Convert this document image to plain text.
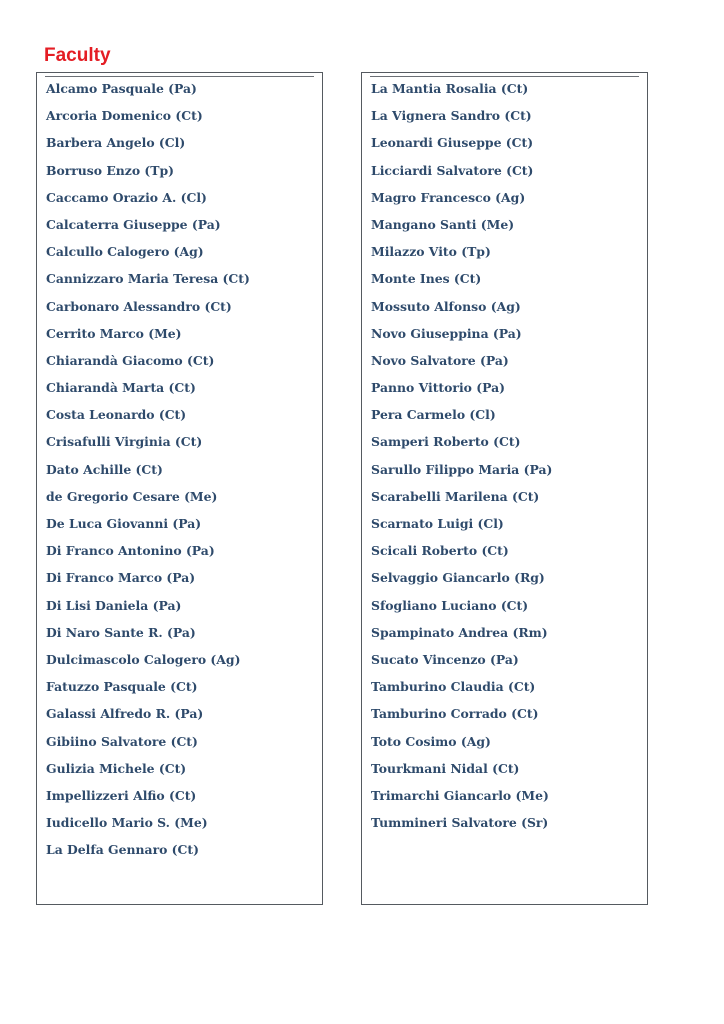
Faculty
Alcamo Pasquale (Pa)
Arcoria Domenico (Ct)
Barbera Angelo (Cl)
Borruso Enzo (Tp)
Caccamo Orazio A. (Cl)
Calcaterra Giuseppe (Pa)
Calcullo Calogero (Ag)
Cannizzaro Maria Teresa (Ct)
Carbonaro Alessandro (Ct)
Cerrito Marco (Me)
Chiarandà Giacomo (Ct)
Chiarandà Marta (Ct)
Costa Leonardo (Ct)
Crisafulli Virginia (Ct)
Dato Achille (Ct)
de Gregorio Cesare (Me)
De Luca Giovanni (Pa)
Di Franco Antonino (Pa)
Di Franco Marco (Pa)
Di Lisi Daniela (Pa)
Di Naro Sante R. (Pa)
Dulcimascolo Calogero (Ag)
Fatuzzo Pasquale (Ct)
Galassi Alfredo R. (Pa)
Gibiino Salvatore (Ct)
Gulizia Michele (Ct)
Impellizzeri Alfio (Ct)
Iudicello Mario S. (Me)
La Delfa Gennaro (Ct)
La Mantia Rosalia (Ct)
La Vignera Sandro (Ct)
Leonardi Giuseppe (Ct)
Licciardi Salvatore (Ct)
Magro Francesco (Ag)
Mangano Santi (Me)
Milazzo Vito (Tp)
Monte Ines (Ct)
Mossuto Alfonso (Ag)
Novo Giuseppina (Pa)
Novo Salvatore (Pa)
Panno Vittorio (Pa)
Pera Carmelo (Cl)
Samperi Roberto (Ct)
Sarullo Filippo Maria (Pa)
Scarabelli Marilena (Ct)
Scarnato Luigi (Cl)
Scicali Roberto (Ct)
Selvaggio Giancarlo (Rg)
Sfogliano Luciano (Ct)
Spampinato Andrea (Rm)
Sucato Vincenzo (Pa)
Tamburino Claudia (Ct)
Tamburino Corrado (Ct)
Toto Cosimo (Ag)
Tourkmani Nidal (Ct)
Trimarchi Giancarlo (Me)
Tummineri Salvatore (Sr)
